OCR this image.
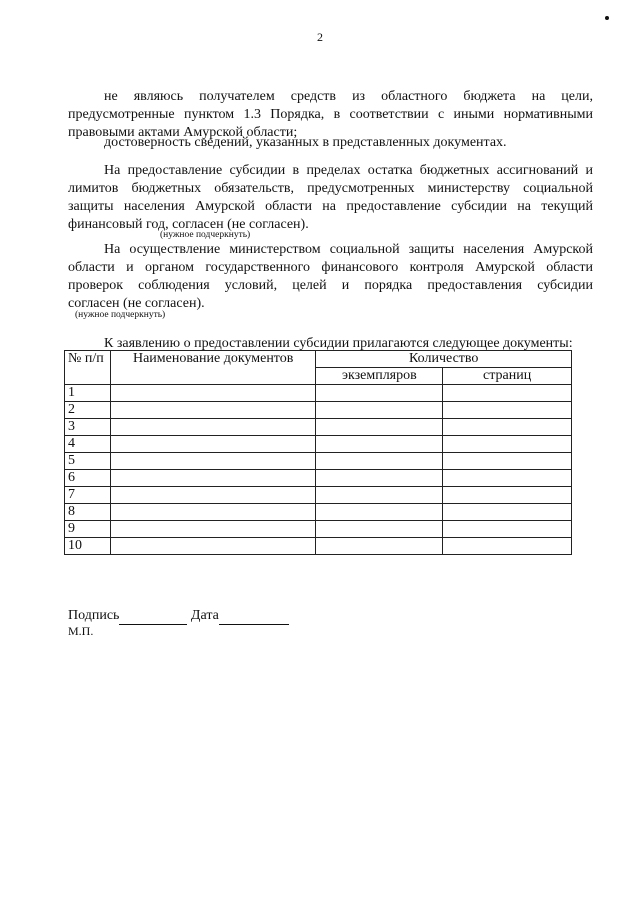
2
не являюсь получателем средств из областного бюджета на цели,
предусмотренные пунктом 1.3 Порядка, в соответствии с иными нормативными
правовыми актами Амурской области;
достоверность сведений, указанных в представленных документах.
На предоставление субсидии в пределах остатка бюджетных ассигнований и
лимитов бюджетных обязательств, предусмотренных министерству социальной
защиты населения Амурской области на предоставление субсидии на текущий
финансовый год, согласен (не согласен).
(нужное подчеркнуть)
На осуществление министерством социальной защиты населения Амурской
области и органом государственного финансового контроля Амурской области
проверок соблюдения условий, целей и порядка предоставления субсидии
согласен (не согласен).
(нужное подчеркнуть)
К заявлению о предоставлении субсидии прилагаются следующее документы:
№ п/п	Наименование документов	Количество	
		экземпляров	страниц
1			
2			
3			
4			
5			
6			
7			
8			
9			
10			
Подпись	Дата
М.П.
